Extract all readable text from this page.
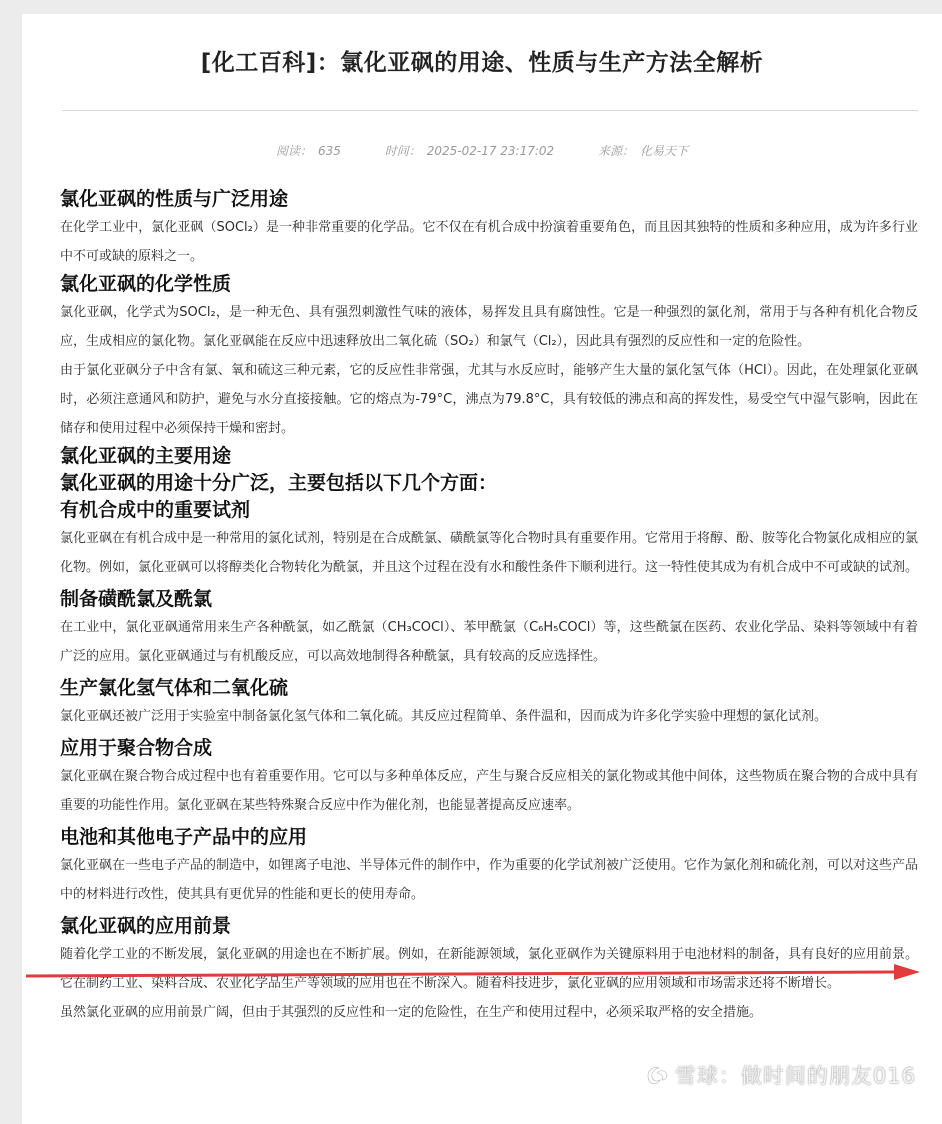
[化工百科]：氯化亚砜的用途、性质与生产方法全解析
阅读： 635	时间： 2025-02-17 23:17:02	来源： 化易天下
氯化亚砜的性质与广泛用途

在化学工业中，氯化亚砜（SOCl₂）是一种非常重要的化学品。它不仅在有机合成中扮演着重要角色，而且因其独特的性质和多种应用，成为许多行业中不可或缺的原料之一。

氯化亚砜的化学性质

氯化亚砜，化学式为SOCl₂，是一种无色、具有强烈刺激性气味的液体，易挥发且具有腐蚀性。它是一种强烈的氯化剂，常用于与各种有机化合物反应，生成相应的氯化物。氯化亚砜能在反应中迅速释放出二氧化硫（SO₂）和氯气（Cl₂），因此具有强烈的反应性和一定的危险性。

由于氯化亚砜分子中含有氯、氧和硫这三种元素，它的反应性非常强，尤其与水反应时，能够产生大量的氯化氢气体（HCl）。因此，在处理氯化亚砜时，必须注意通风和防护，避免与水分直接接触。它的熔点为-79°C，沸点为79.8°C，具有较低的沸点和高的挥发性，易受空气中湿气影响，因此在储存和使用过程中必须保持干燥和密封。

氯化亚砜的主要用途
氯化亚砜的用途十分广泛，主要包括以下几个方面：
有机合成中的重要试剂

氯化亚砜在有机合成中是一种常用的氯化试剂，特别是在合成酰氯、磺酰氯等化合物时具有重要作用。它常用于将醇、酚、胺等化合物氯化成相应的氯化物。例如，氯化亚砜可以将醇类化合物转化为酰氯，并且这个过程在没有水和酸性条件下顺利进行。这一特性使其成为有机合成中不可或缺的试剂。

制备磺酰氯及酰氯

在工业中，氯化亚砜通常用来生产各种酰氯，如乙酰氯（CH₃COCl）、苯甲酰氯（C₆H₅COCl）等，这些酰氯在医药、农业化学品、染料等领域中有着广泛的应用。氯化亚砜通过与有机酸反应，可以高效地制得各种酰氯，具有较高的反应选择性。

生产氯化氢气体和二氧化硫

氯化亚砜还被广泛用于实验室中制备氯化氢气体和二氧化硫。其反应过程简单、条件温和，因而成为许多化学实验中理想的氯化试剂。

应用于聚合物合成

氯化亚砜在聚合物合成过程中也有着重要作用。它可以与多种单体反应，产生与聚合反应相关的氯化物或其他中间体，这些物质在聚合物的合成中具有重要的功能性作用。氯化亚砜在某些特殊聚合反应中作为催化剂，也能显著提高反应速率。

电池和其他电子产品中的应用

氯化亚砜在一些电子产品的制造中，如锂离子电池、半导体元件的制作中，作为重要的化学试剂被广泛使用。它作为氯化剂和硫化剂，可以对这些产品中的材料进行改性，使其具有更优异的性能和更长的使用寿命。

氯化亚砜的应用前景

随着化学工业的不断发展，氯化亚砜的用途也在不断扩展。例如，在新能源领域，氯化亚砜作为关键原料用于电池材料的制备，具有良好的应用前景。它在制药工业、染料合成、农业化学品生产等领域的应用也在不断深入。随着科技进步，氯化亚砜的应用领域和市场需求还将不断增长。

虽然氯化亚砜的应用前景广阔，但由于其强烈的反应性和一定的危险性，在生产和使用过程中，必须采取严格的安全措施。

雪球：做时间的朋友016
